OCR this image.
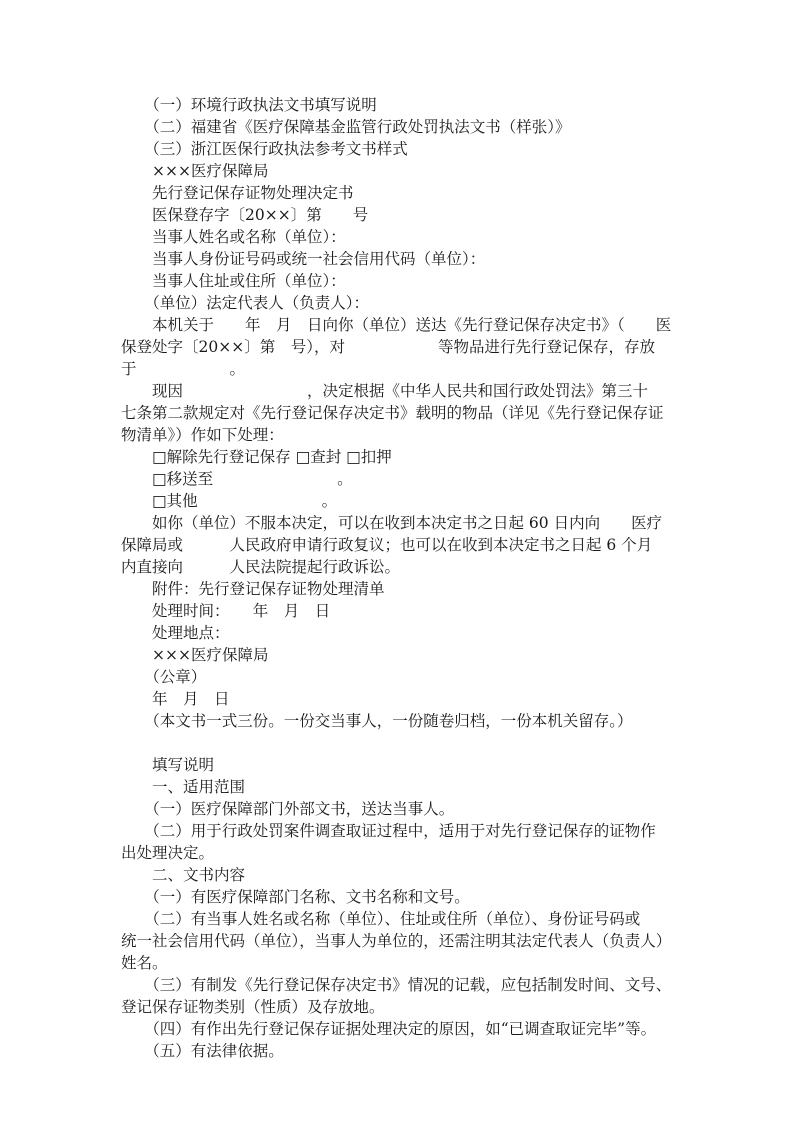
　　（一）环境行政执法文书填写说明
　　（二）福建省《医疗保障基金监管行政处罚执法文书（样张）》
　　（三）浙江医保行政执法参考文书样式
　　×××医疗保障局
　　先行登记保存证物处理决定书
　　医保登存字〔20××〕第　　号
　　当事人姓名或名称（单位）：
　　当事人身份证号码或统一社会信用代码（单位）：
　　当事人住址或住所（单位）：
　　（单位）法定代表人（负责人）：
　　本机关于　　年　月　日向你（单位）送达《先行登记保存决定书》（　　医
保登处字〔20××〕第　号），对　　　　　　等物品进行先行登记保存，存放
于　　　　　　。
　　现因　　　　　　　　，决定根据《中华人民共和国行政处罚法》第三十
七条第二款规定对《先行登记保存决定书》载明的物品（详见《先行登记保存证
物清单》）作如下处理：
　　□解除先行登记保存 □查封 □扣押
　　□移送至　　　　　　　　。
　　□其他　　　　　　　　。
　　如你（单位）不服本决定，可以在收到本决定书之日起 60 日内向　　医疗
保障局或　　　人民政府申请行政复议；也可以在收到本决定书之日起 6 个月
内直接向　　　人民法院提起行政诉讼。
　　附件：先行登记保存证物处理清单
　　处理时间：　　年　月　日
　　处理地点：
　　×××医疗保障局
　　（公章）
　　年　月　日
　　（本文书一式三份。一份交当事人，一份随卷归档，一份本机关留存。）
　　填写说明
　　一、适用范围
　　（一）医疗保障部门外部文书，送达当事人。
　　（二）用于行政处罚案件调查取证过程中，适用于对先行登记保存的证物作
出处理决定。
　　二、文书内容
　　（一）有医疗保障部门名称、文书名称和文号。
　　（二）有当事人姓名或名称（单位）、住址或住所（单位）、身份证号码或
统一社会信用代码（单位），当事人为单位的，还需注明其法定代表人（负责人）
姓名。
　　（三）有制发《先行登记保存决定书》情况的记载，应包括制发时间、文号、
登记保存证物类别（性质）及存放地。
　　（四）有作出先行登记保存证据处理决定的原因，如“已调查取证完毕”等。
　　（五）有法律依据。
